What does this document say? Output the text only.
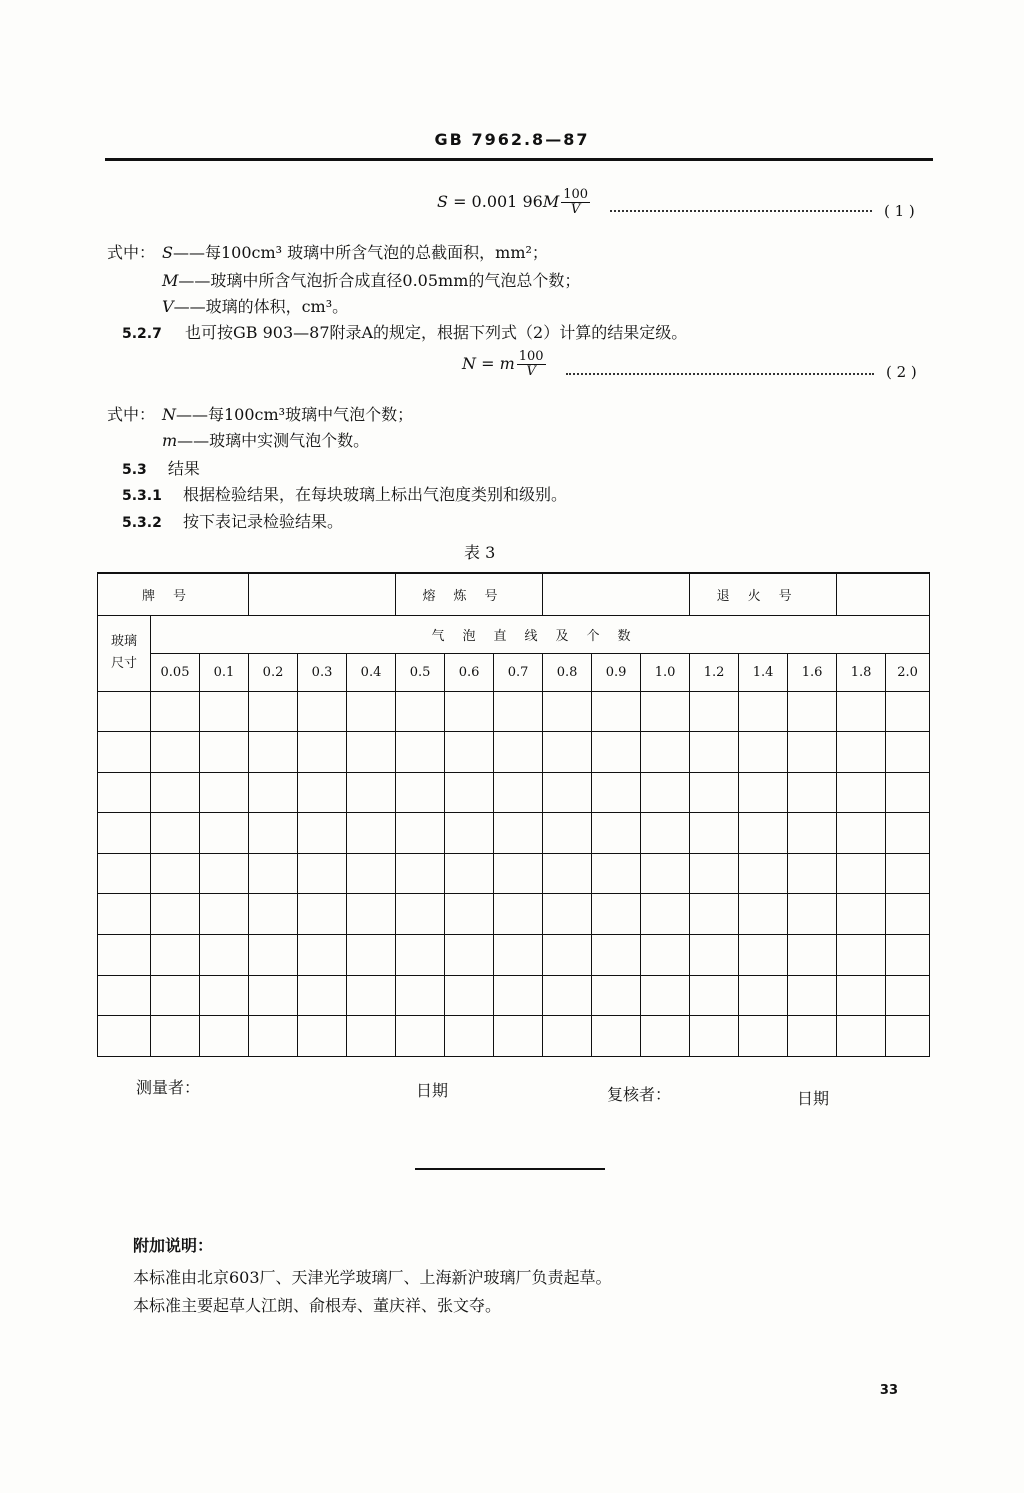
GB 7962.8—87
S = 0.001 $96M \frac{100}{V}$	( 1 )
式中： S——每100cm³ 玻璃中所含气泡的总截面积，mm²；
M——玻璃中所含气泡折合成直径0.05mm的气泡总个数；
V——玻璃的体积，cm³。
5.2.7 也可按GB 903—87附录A的规定，根据下列式（2）计算的结果定级。
N = m $\frac{100}{V}$	( 2 )
式中： N——每100cm³玻璃中气泡个数；
m——玻璃中实测气泡个数。
5.3 结果
5.3.1 根据检验结果，在每块玻璃上标出气泡度类别和级别。
5.3.2 按下表记录检验结果。
表 3
牌号						熔炼号						退火号				
玻璃
尺寸	气泡直线及个数															
	0.05	0.1	0.2	0.3	0.4	0.5	0.6	0.7	0.8	0.9	1.0	1.2	1.4	1.6	1.8	2.0

测量者：	日期	复核者：	日期
附加说明：
本标准由北京603厂、天津光学玻璃厂、上海新沪玻璃厂负责起草。
本标准主要起草人江朗、俞根寿、董庆祥、张文夺。
33
